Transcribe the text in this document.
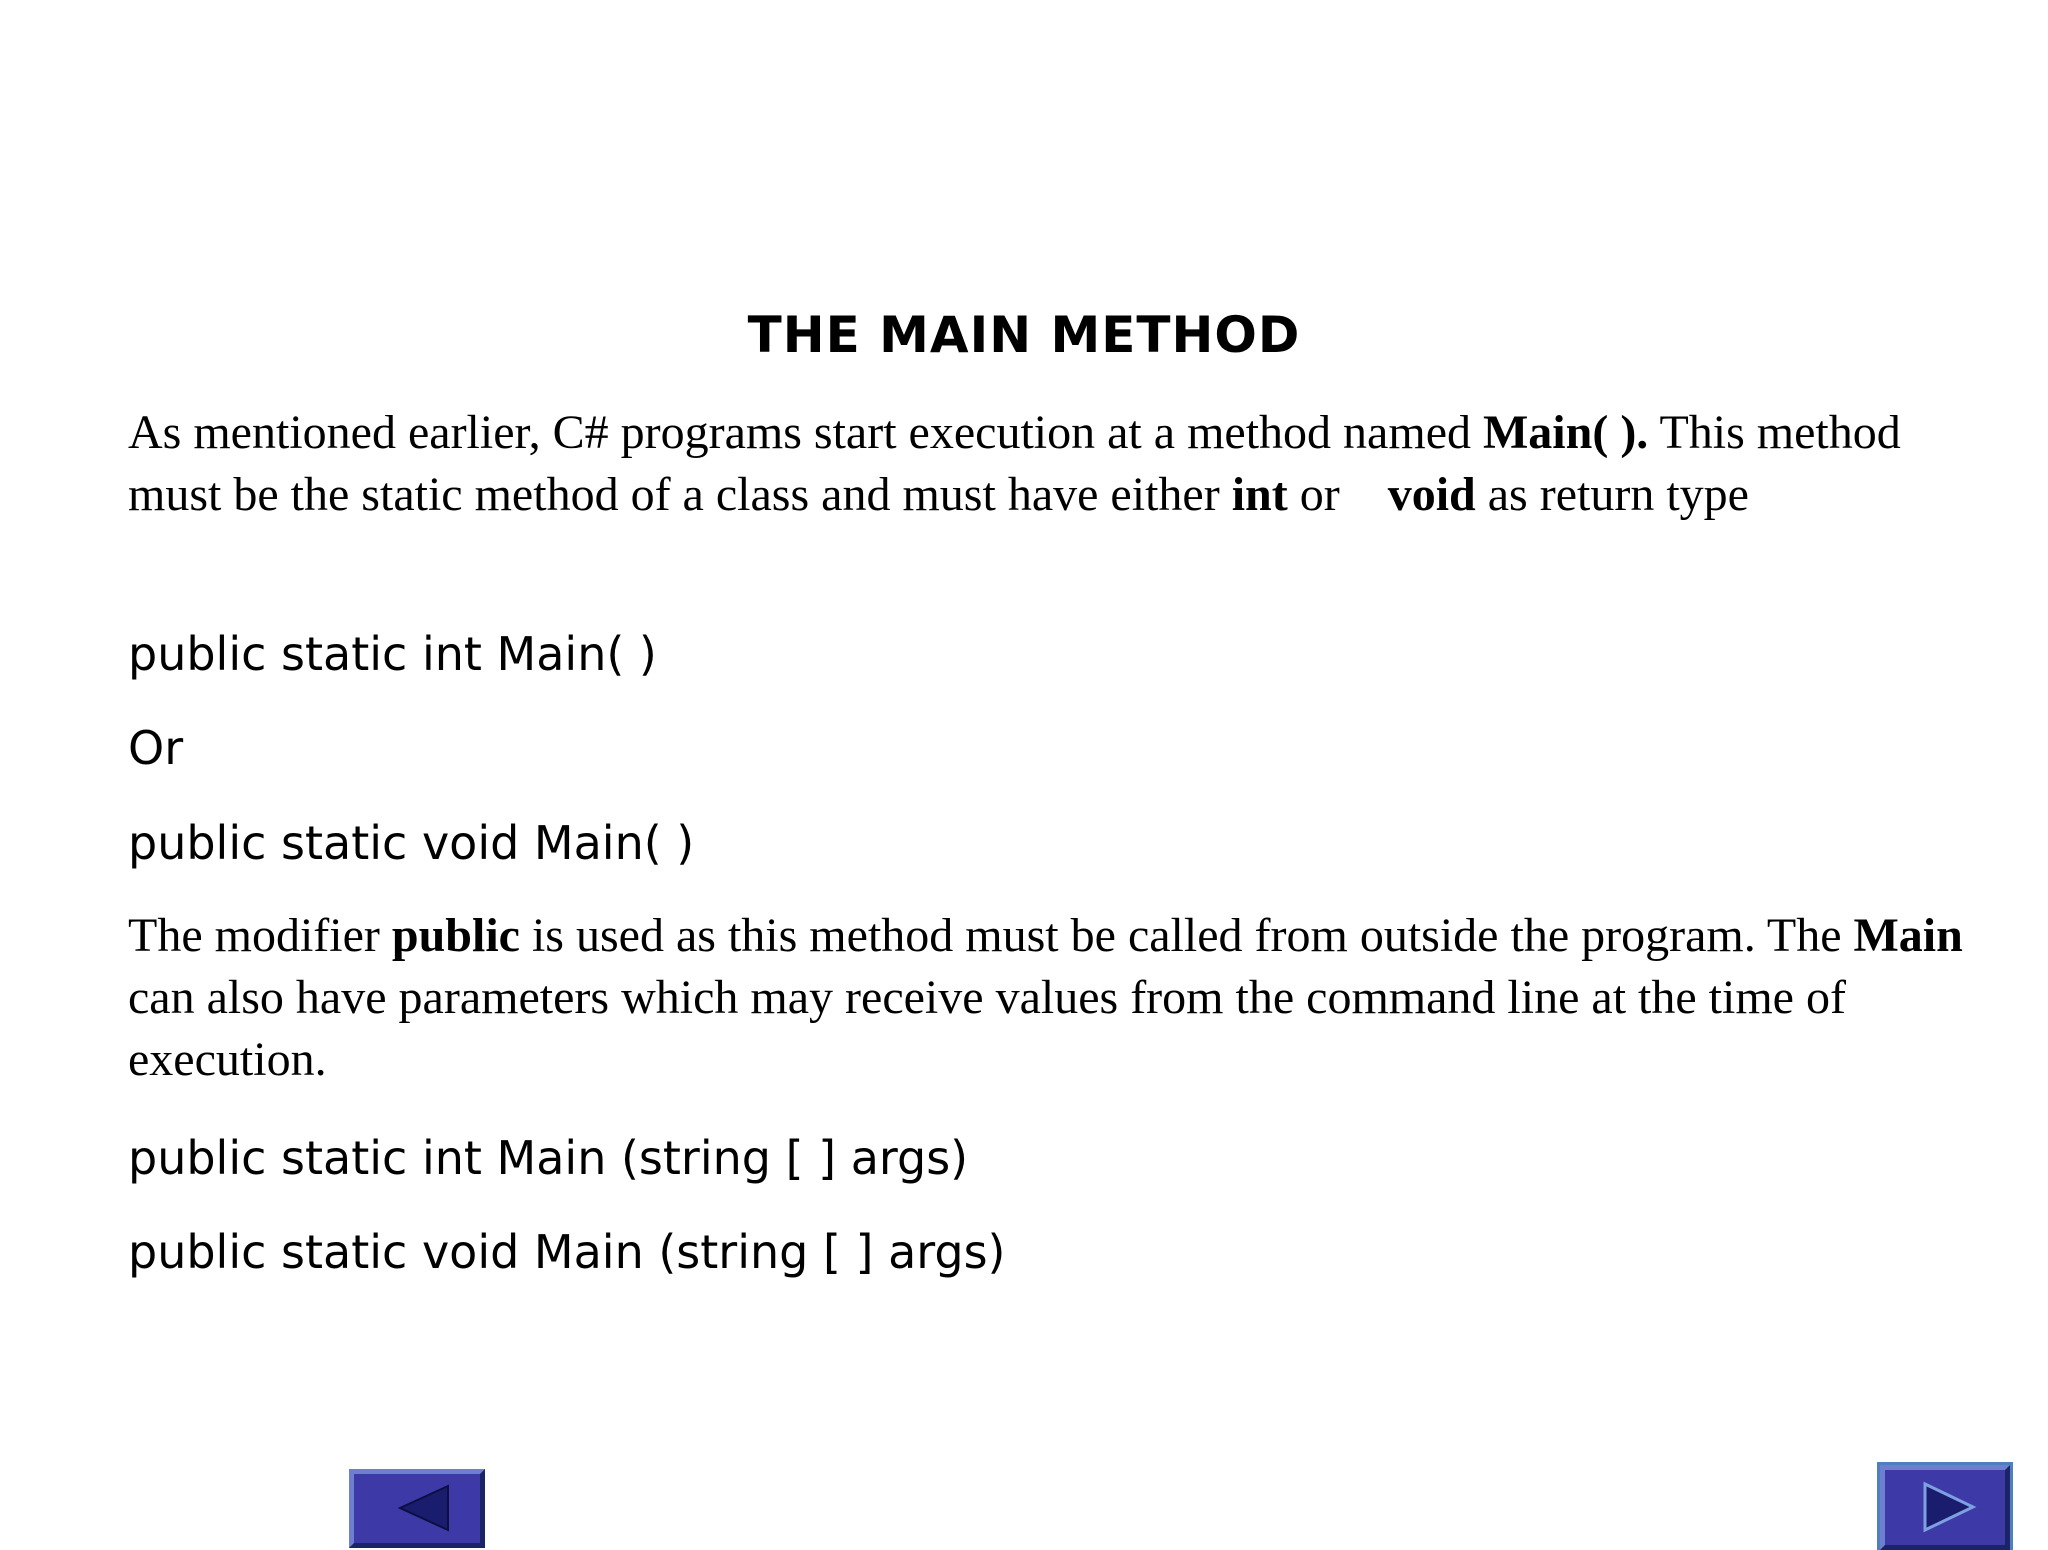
THE MAIN METHOD
As mentioned earlier, C# programs start execution at a method named Main( ). This method must be the static method of a class and must have either int or void as return type
public static int Main( )
Or
public static void Main( )
The modifier public is used as this method must be called from outside the program. The Main can also have parameters which may receive values from the command line at the time of execution.
public static int Main (string [ ] args)
public static void Main (string [ ] args)
